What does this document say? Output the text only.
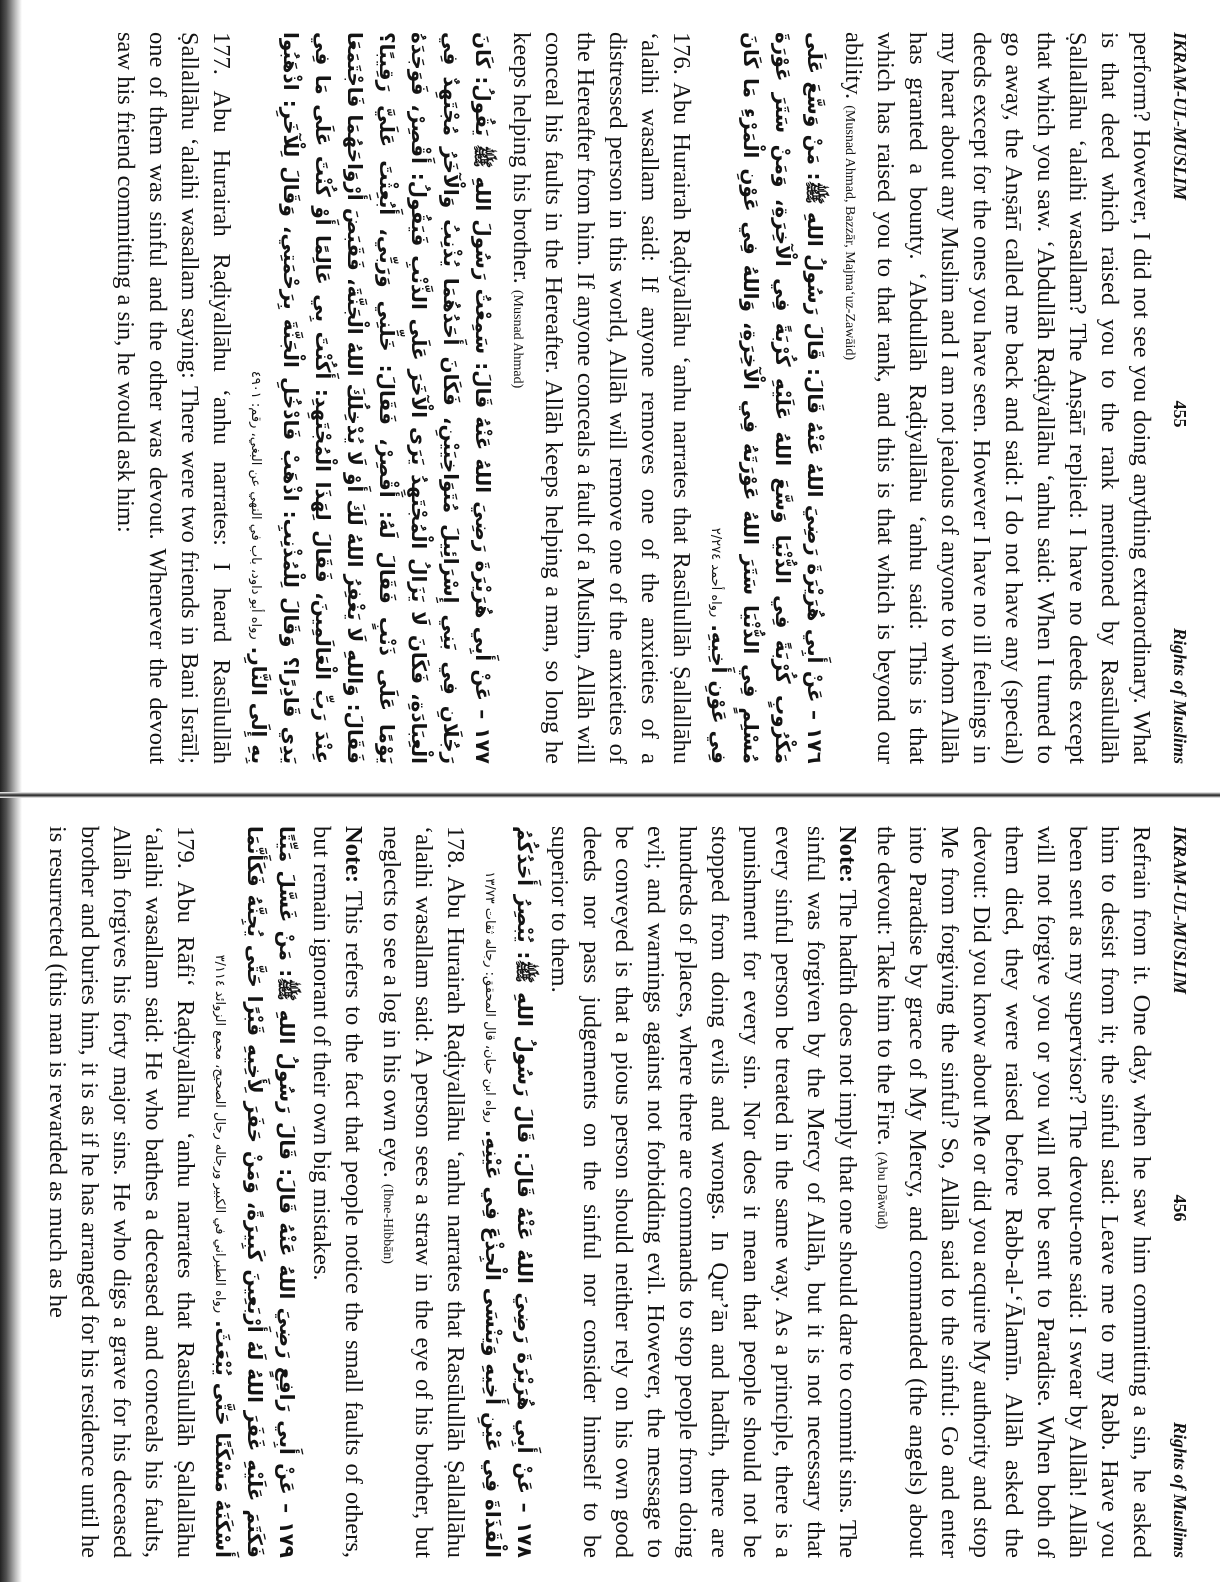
IKRAM-UL-MUSLIM
455
Rights of Muslims

perform? However, I did not see you doing anything extraordinary. What is that deed which raised you to the rank mentioned by Rasūlullāh Ṣallallāhu ‘alaihi wasallam? The Anṣārī replied: I have no deeds except that which you saw. ‘Abdullāh Raḍiyallāhu ‘anhu said: When I turned to go away, the Anṣārī called me back and said: I do not have any (special) deeds except for the ones you have seen. However I have no ill feelings in my heart about any Muslim and I am not jealous of anyone to whom Allāh has granted a bounty. ‘Abdullāh Raḍiyallāhu ‘anhu said: This is that which has raised you to that rank, and this is that which is beyond our ability. (Musnad Ahmad, Bazzār, Majma‘uz-Zawāid)

١٧٦ – عَنْ أَبِي هُرَيْرَةَ رَضِيَ اللهُ عَنْهُ قَالَ: قَالَ رَسُولُ اللهِ ﷺ: مَنْ وَسَّعَ عَلَى مَكْرُوبٍ كُرْبَةً فِي الدُّنْيَا وَسَّعَ اللهُ عَلَيْهِ كُرْبَةً فِي الْآخِرَةِ، وَمَنْ سَتَرَ عَوْرَةَ مُسْلِمٍ فِي الدُّنْيَا سَتَرَ اللهُ عَوْرَتَهُ فِي الْآخِرَةِ، وَاللهُ فِي عَوْنِ الْمَرْءِ مَا كَانَ فِي عَوْنِ أَخِيهِ. رواه أحمد ٢/٢٧٤

176. Abu Hurairah Raḍiyallāhu ‘anhu narrates that Rasūlullāh Ṣallallāhu ‘alaihi wasallam said: If anyone removes one of the anxieties of a distressed person in this world, Allāh will remove one of the anxieties of the Hereafter from him. If anyone conceals a fault of a Muslim, Allāh will conceal his faults in the Hereafter. Allāh keeps helping a man, so long he keeps helping his brother. (Musnad Ahmad)

١٧٧ – عَنْ أَبِي هُرَيْرَةَ رَضِيَ اللهُ عَنْهُ قَالَ: سَمِعْتُ رَسُولَ اللهِ ﷺ يَقُولُ: كَانَ رَجُلَانِ فِي بَنِي إِسْرَائِيلَ مُتَوَاخِيَيْنِ، فَكَانَ أَحَدُهُمَا يُذْنِبُ وَالْآخَرُ مُجْتَهِدٌ فِي الْعِبَادَةِ، فَكَانَ لَا يَزَالُ الْمُجْتَهِدُ يَرَى الْآخَرَ عَلَى الذَّنْبِ فَيَقُولُ: أَقْصِرْ، فَوَجَدَهُ يَوْمًا عَلَى ذَنْبٍ فَقَالَ لَهُ: أَقْصِرْ، فَقَالَ: خَلِّنِي وَرَبِّي، أَبُعِثْتَ عَلَيَّ رَقِيبًا؟ فَقَالَ: وَاللهِ لَا يَغْفِرُ اللهُ لَكَ أَوْ لَا يُدْخِلُكَ اللهُ الْجَنَّةَ، فَقَبَضَ أَرْوَاحَهُمَا فَاجْتَمَعَا عِنْدَ رَبِّ الْعَالَمِينَ، فَقَالَ لِهَذَا الْمُجْتَهِدِ: أَكُنْتَ بِي عَالِمًا أَوْ كُنْتَ عَلَى مَا فِي يَدِي قَادِرًا؟ وَقَالَ لِلْمُذْنِبِ: اذْهَبْ فَادْخُلِ الْجَنَّةَ بِرَحْمَتِي، وَقَالَ لِلْآخَرِ: اذْهَبُوا بِهِ إِلَى النَّارِ. رواه أبو داود، باب في النهي عن البغي، رقم: ٤٩٠١

177. Abu Hurairah Raḍiyallāhu ‘anhu narrates: I heard Rasūlullāh Ṣallallāhu ‘alaihi wasallam saying: There were two friends in Bani Isrāīl; one of them was sinful and the other was devout. Whenever the devout saw his friend committing a sin, he would ask him:

IKRAM-UL-MUSLIM
456
Rights of Muslims

Refrain from it. One day, when he saw him committing a sin, he asked him to desist from it; the sinful said: Leave me to my Rabb. Have you been sent as my supervisor? The devout-one said: I swear by Allāh! Allāh will not forgive you or you will not be sent to Paradise. When both of them died, they were raised before Rabb-al-‘Ālamīn. Allāh asked the devout: Did you know about Me or did you acquire My authority and stop Me from forgiving the sinful? So, Allāh said to the sinful: Go and enter into Paradise by grace of My Mercy, and commanded (the angels) about the devout: Take him to the Fire. (Abu Dāwūd)

Note: The hadīth does not imply that one should dare to commit sins. The sinful was forgiven by the Mercy of Allāh, but it is not necessary that every sinful person be treated in the same way. As a principle, there is a punishment for every sin. Nor does it mean that people should not be stopped from doing evils and wrongs. In Qur’ān and hadīth, there are hundreds of places, where there are commands to stop people from doing evil; and warnings against not forbidding evil. However, the message to be conveyed is that a pious person should neither rely on his own good deeds nor pass judgements on the sinful nor consider himself to be superior to them.

١٧٨ – عَنْ أَبِي هُرَيْرَةَ رَضِيَ اللهُ عَنْهُ قَالَ: قَالَ رَسُولُ اللهِ ﷺ: يُبْصِرُ أَحَدُكُمُ الْقَذَاةَ فِي عَيْنِ أَخِيهِ وَيَنْسَى الْجِذْعَ فِي عَيْنِهِ. رواه ابن حبان، قال المحقق: رجاله ثقات ١٣/٧٣

178. Abu Hurairah Raḍiyallāhu ‘anhu narrates that Rasūlullāh Ṣallallāhu ‘alaihi wasallam said: A person sees a straw in the eye of his brother, but neglects to see a log in his own eye. (Ibne-Hibbān)

Note: This refers to the fact that people notice the small faults of others, but remain ignorant of their own big mistakes.

١٧٩ – عَنْ أَبِي رَافِعٍ رَضِيَ اللهُ عَنْهُ قَالَ: قَالَ رَسُولُ اللهِ ﷺ: مَنْ غَسَّلَ مَيِّتًا فَكَتَمَ عَلَيْهِ غَفَرَ اللهُ لَهُ أَرْبَعِينَ كَبِيرَةً، وَمَنْ حَفَرَ لِأَخِيهِ قَبْرًا حَتَّى يُجِنَّهُ فَكَأَنَّمَا أَسْكَنَهُ مَسْكَنًا حَتَّى يُبْعَثَ. رواه الطبراني في الكبير ورجاله رجال الصحيح، مجمع الزوائد ٣/١١٤

179. Abu Rāfi‘ Raḍiyallāhu ‘anhu narrates that Rasūlullāh Ṣallallāhu ‘alaihi wasallam said: He who bathes a deceased and conceals his faults, Allāh forgives his forty major sins. He who digs a grave for his deceased brother and buries him, it is as if he has arranged for his residence until he is resurrected (this man is rewarded as much as he
